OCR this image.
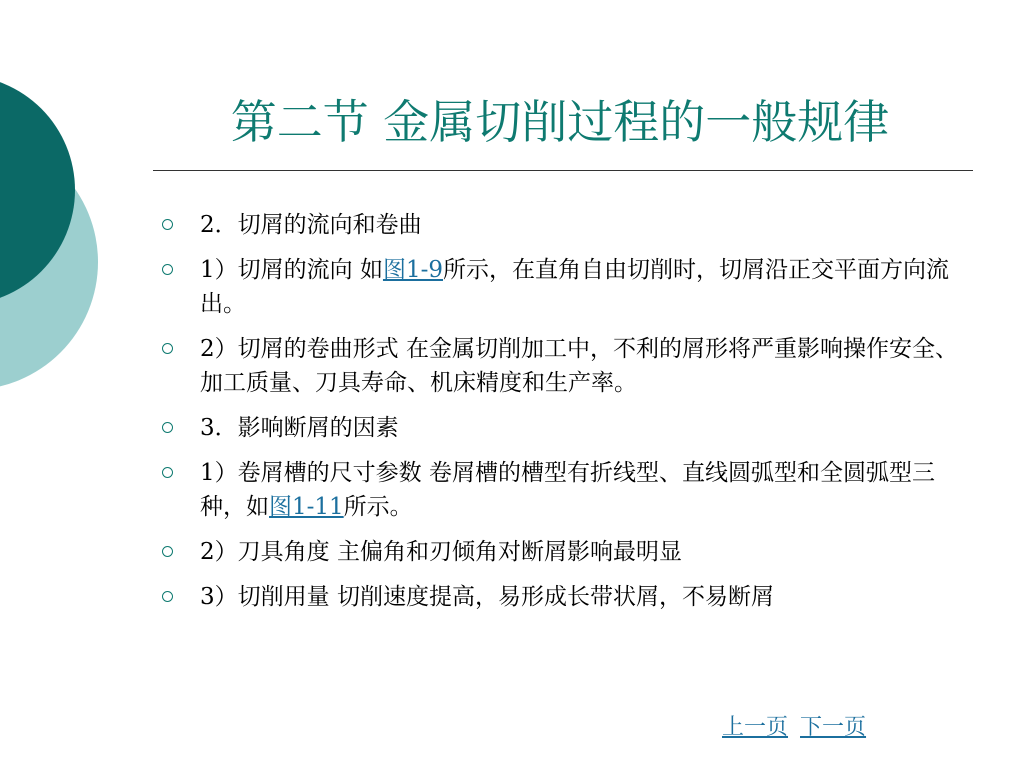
第二节 金属切削过程的一般规律
2．切屑的流向和卷曲
1）切屑的流向 如图1-9所示，在直角自由切削时，切屑沿正交平面方向流出。
2）切屑的卷曲形式 在金属切削加工中，不利的屑形将严重影响操作安全、加工质量、刀具寿命、机床精度和生产率。
3．影响断屑的因素
1）卷屑槽的尺寸参数 卷屑槽的槽型有折线型、直线圆弧型和全圆弧型三种，如图1-11所示。
2）刀具角度 主偏角和刃倾角对断屑影响最明显
3）切削用量 切削速度提高，易形成长带状屑，不易断屑
上一页 下一页
